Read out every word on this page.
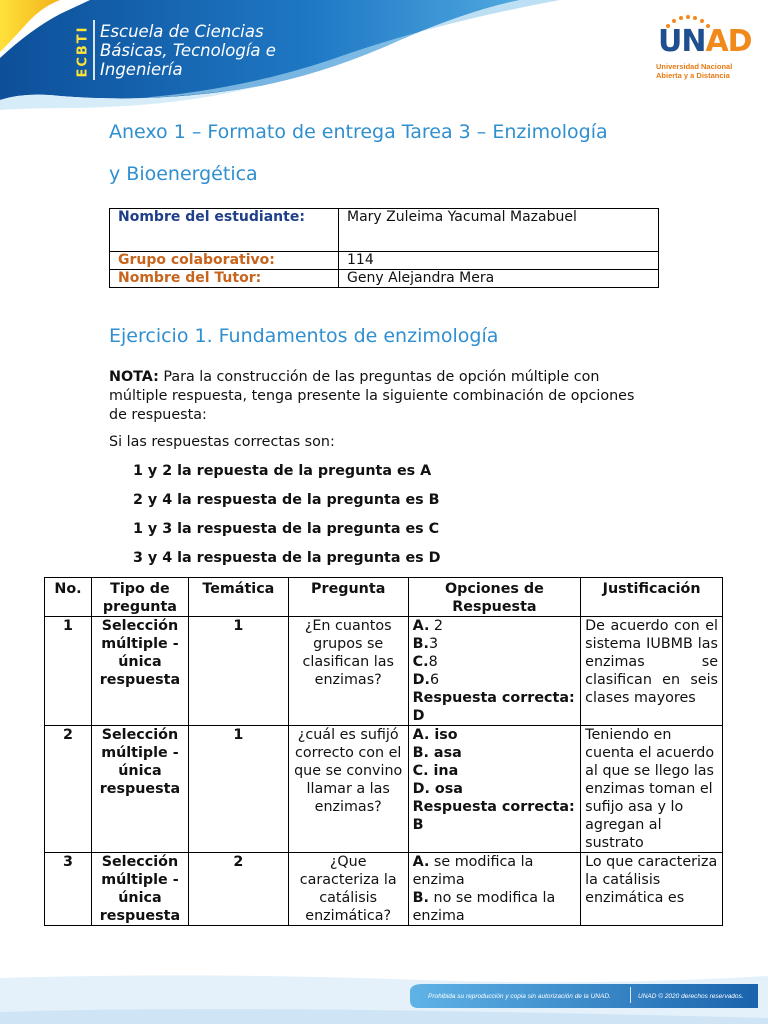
ECBTI Escuela de Ciencias
Básicas, Tecnología e
Ingeniería
UNAD
Universidad Nacional
Abierta y a Distancia
Anexo 1 – Formato de entrega Tarea 3 – Enzimología
y Bioenergética
Nombre del estudiante:	Mary Zuleima Yacumal Mazabuel
Grupo colaborativo:	114
Nombre del Tutor:	Geny Alejandra Mera
Ejercicio 1. Fundamentos de enzimología
NOTA: Para la construcción de las preguntas de opción múltiple con múltiple respuesta, tenga presente la siguiente combinación de opciones de respuesta:
Si las respuestas correctas son:
1 y 2 la repuesta de la pregunta es A
2 y 4 la respuesta de la pregunta es B
1 y 3 la respuesta de la pregunta es C
3 y 4 la respuesta de la pregunta es D
No.	Tipo de pregunta	Temática	Pregunta	Opciones de Respuesta	Justificación
1	Selección múltiple - única respuesta	1	¿En cuantos grupos se clasifican las enzimas?	A. 2
B.3
C.8
D.6
Respuesta correcta: D	De acuerdo con el sistema IUBMB las enzimas se clasifican en seis clases mayores
2	Selección múltiple - única respuesta	1	¿cuál es sufijó correcto con el que se convino llamar a las enzimas?	A. iso
B. asa
C. ina
D. osa
Respuesta correcta: B	Teniendo en cuenta el acuerdo al que se llego las enzimas toman el sufijo asa y lo agregan al sustrato
3	Selección múltiple - única respuesta	2	¿Que caracteriza la catálisis enzimática?	A. se modifica la enzima
B. no se modifica la enzima	Lo que caracteriza la catálisis enzimática es
Prohibida su reproducción y copia sin autorización de la UNAD.	UNAD © 2020 derechos reservados.
